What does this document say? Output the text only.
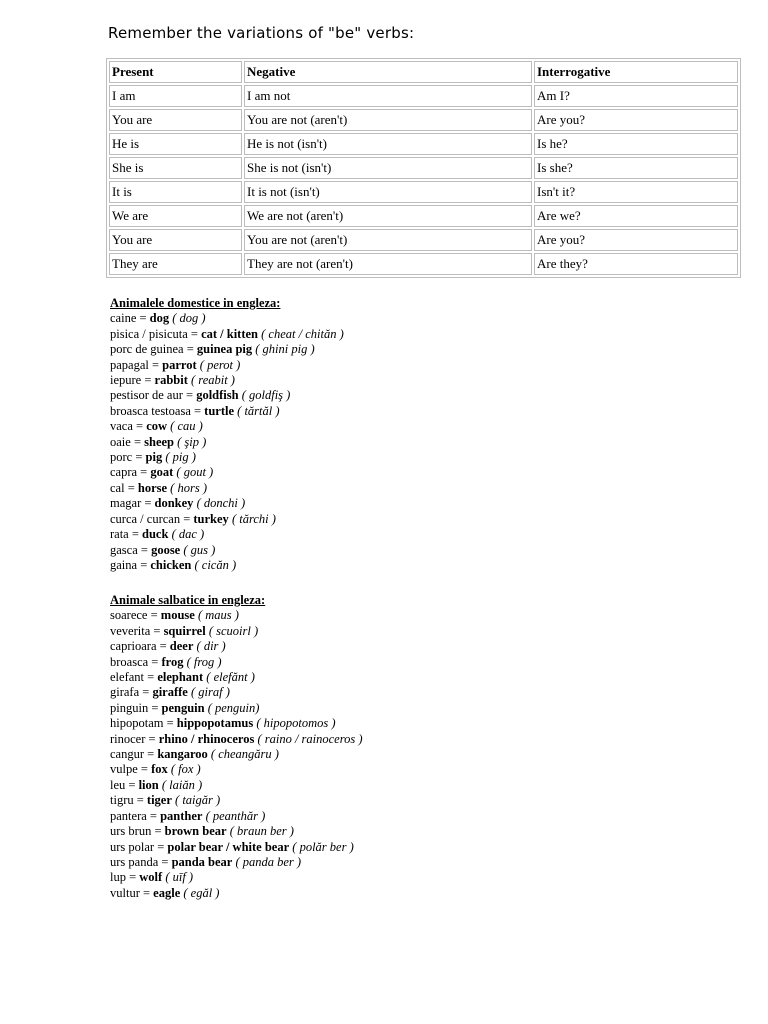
Remember the variations of "be" verbs:
Present	Negative	Interrogative
I am	I am not	Am I?
You are	You are not (aren't)	Are you?
He is	He is not (isn't)	Is he?
She is	She is not (isn't)	Is she?
It is	It is not (isn't)	Isn't it?
We are	We are not (aren't)	Are we?
You are	You are not (aren't)	Are you?
They are	They are not (aren't)	Are they?
Animalele domestice in engleza:
caine = dog ( dog )
pisica / pisicuta = cat / kitten ( cheat / chităn )
porc de guinea = guinea pig ( ghini pig )
papagal = parrot ( perot )
iepure = rabbit ( reabit )
pestisor de aur = goldfish ( goldfiş )
broasca testoasa = turtle ( tărtăl )
vaca = cow ( cau )
oaie = sheep ( şip )
porc = pig ( pig )
capra = goat ( gout )
cal = horse ( hors )
magar = donkey ( donchi )
curca / curcan = turkey ( tărchi )
rata = duck ( dac )
gasca = goose ( gus )
gaina = chicken ( cicăn )
Animale salbatice in engleza:
soarece = mouse ( maus )
veverita = squirrel ( scuoirl )
caprioara = deer ( dir )
broasca = frog ( frog )
elefant = elephant ( elefănt )
girafa = giraffe ( giraf )
pinguin = penguin ( penguin)
hipopotam = hippopotamus ( hipopotomos )
rinocer = rhino / rhinoceros ( raino / rainoceros )
cangur = kangaroo ( cheangăru )
vulpe = fox ( fox )
leu = lion ( laiăn )
tigru = tiger ( taigăr )
pantera = panther ( peanthăr )
urs brun = brown bear ( braun ber )
urs polar = polar bear / white bear ( polăr ber )
urs panda = panda bear ( panda ber )
lup = wolf ( uīf )
vultur = eagle ( egăl )
